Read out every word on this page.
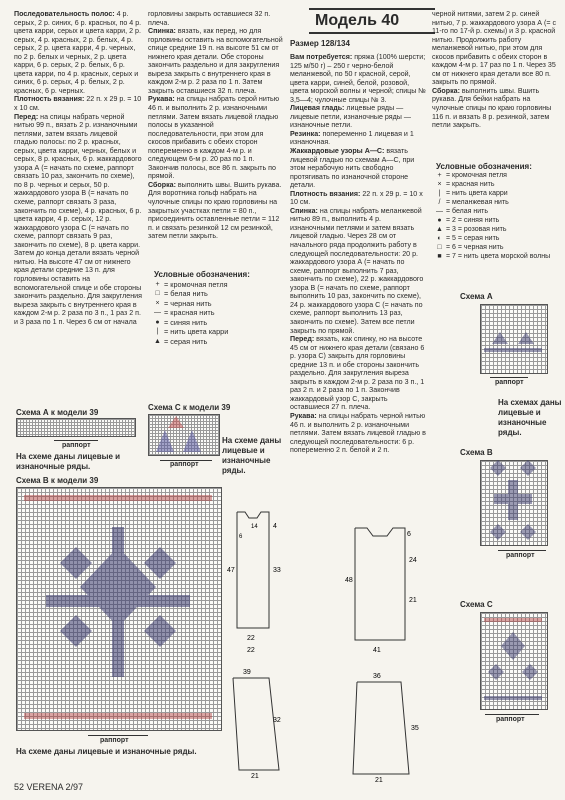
Последовательность полос: 4 р. серых, 2 р. синих, 6 р. красных, по 4 р. цвета карри, серых и цвета карри, 2 р. серых, 4 р. красных, 2 р. белых, 4 р. серых, 2 р. цвета карри, 4 р. черных, по 2 р. белых и черных, 2 р. цвета карри, 6 р. серых, 2 р. белых, 6 р. цвета карри, по 4 р. красных, серых и синих, 6 р. серых, 4 р. белых, 2 р. красных, 6 р. черных.

Плотность вязания: 22 п. x 29 р. = 10 x 10 см.

Перед: на спицы набрать черной нитью 99 п., вязать 2 р. изнаночными петлями, затем вязать лицевой гладью полосы: по 2 р. красных, серых, цвета карри, черных, белых и серых, 8 р. красных, 6 р. жаккардового узора А (= начать по схеме, раппорт связать 10 раз, закончить по схеме), по 8 р. черных и серых, 50 р. жаккардового узора В (= начать по схеме, раппорт связать 3 раза, закончить по схеме), 4 р. красных, 6 р. цвета карри, 4 р. серых, 12 р. жаккардового узора С (= начать по схеме, раппорт связать 9 раз, закончить по схеме), 8 р. цвета карри. Затем до конца детали вязать черной нитью. На высоте 47 см от нижнего края детали средние 13 п. для горловины оставить на вспомогательной спице и обе стороны закончить раздельно. Для закругления выреза закрыть с внутреннего края в каждом 2-м р. 2 раза по 3 п., 1 раз 2 п. и 3 раза по 1 п. Через 6 см от начала

горловины закрыть оставшиеся 32 п. плеча.

Спинка: вязать, как перед, но для горловины оставить на вспомогательной спице средние 19 п. на высоте 51 см от нижнего края детали. Обе стороны закончить раздельно и для закругления выреза закрыть с внутреннего края в каждом 2-м р. 2 раза по 1 п. Затем закрыть оставшиеся 32 п. плеча.

Рукава: на спицы набрать серой нитью 46 п. и выполнить 2 р. изнаночными петлями. Затем вязать лицевой гладью полосы в указанной последовательности, при этом для скосов прибавить с обеих сторон попеременно в каждом 4-м р. и следующем 6-м р. 20 раз по 1 п. Закончив полосы, все 86 п. закрыть по прямой.

Сборка: выполнить швы. Вшить рукава. Для воротника гольф набрать на чулочные спицы по краю горловины на закрытых участках петли = 80 п., присоединить оставленные петли = 112 п. и связать резинкой 12 см резинкой, затем петли закрыть.

Условные обозначения:
+ = кромочная петля
□ = белая нить
× = черная нить
— = красная нить
● = синяя нить
| = нить цвета карри
▲ = серая нить
Модель 40
Размер 128/134

Вам потребуется: пряжа (100% шерсти; 125 м/50 г) – 250 г черно-белой меланжевой, по 50 г красной, серой, цвета карри, синей, белой, розовой, цвета морской волны и черной; спицы № 3,5—4; чулочные спицы № 3.

Лицевая гладь: лицевые ряды — лицевые петли, изнаночные ряды — изнаночные петли.

Резинка: попеременно 1 лицевая и 1 изнаночная.

Жаккардовые узоры А—С: вязать лицевой гладью по схемам А—С, при этом нерабочую нить свободно протягивать по изнаночной стороне детали.

Плотность вязания: 22 п. x 29 р. = 10 x 10 см.

Спинка: на спицы набрать меланжевой нитью 89 п., выполнить 4 р. изнаночными петлями и затем вязать лицевой гладью. Через 28 см от начального ряда продолжить работу в следующей последовательности: 20 р. жаккардового узора А (= начать по схеме, раппорт выполнить 7 раз, закончить по схеме), 22 р. жаккардового узора В (= начать по схеме, раппорт выполнить 10 раз, закончить по схеме), 24 р. жаккардового узора С (= начать по схеме, раппорт выполнить 13 раз, закончить по схеме). Затем все петли закрыть по прямой.

Перед: вязать, как спинку, но на высоте 45 см от нижнего края детали (связано 6 р. узора С) закрыть для горловины средние 13 п. и обе стороны закончить раздельно. Для закругления выреза закрыть в каждом 2-м р. 2 раза по 3 п., 1 раз 2 п. и 2 раза по 1 п. Закончив жаккардовый узор С, закрыть оставшиеся 27 п. плеча.

Рукава: на спицы набрать черной нитью 46 п. и выполнить 2 р. изнаночными петлями. Затем вязать лицевой гладью в следующей последовательности: 6 р. попеременно 2 п. белой и 2 п.

черной нитями, затем 2 р. синей нитью, 7 р. жаккардового узора А (= с 11-го по 17-й р. схемы) и 3 р. красной нитью. Продолжить работу меланжевой нитью, при этом для скосов прибавить с обеих сторон в каждом 4-м р. 17 раз по 1 п. Через 35 см от нижнего края детали все 80 п. закрыть по прямой.

Сборка: выполнить швы. Вшить рукава. Для бейки набрать на чулочные спицы по краю горловины 116 п. и вязать 8 р. резинкой, затем петли закрыть.

Условные обозначения:
+ = кромочная петля
× = красная нить
| = нить цвета карри
/ = меланжевая нить
— = белая нить
● = 2 = синяя нить
▲ = 3 = розовая нить
◐ = 5 = серая нить
□ = 6 = черная нить
■ = 7 = нить цвета морской волны
Схема А к модели 39
раппорт
На схеме даны лицевые и изнаночные ряды.
Схема С к модели 39
раппорт
На схеме даны лицевые и изнаночные ряды.
Схема В к модели 39
раппорт
На схеме даны лицевые и изнаночные ряды.
47
4
33
22
22
6
14
39
32
21
6
48
24
21
41
36
35
21
Схема А
раппорт
На схемах даны лицевые и изнаночные ряды.
Схема В
раппорт
Схема С
раппорт
52 VERENA 2/97
